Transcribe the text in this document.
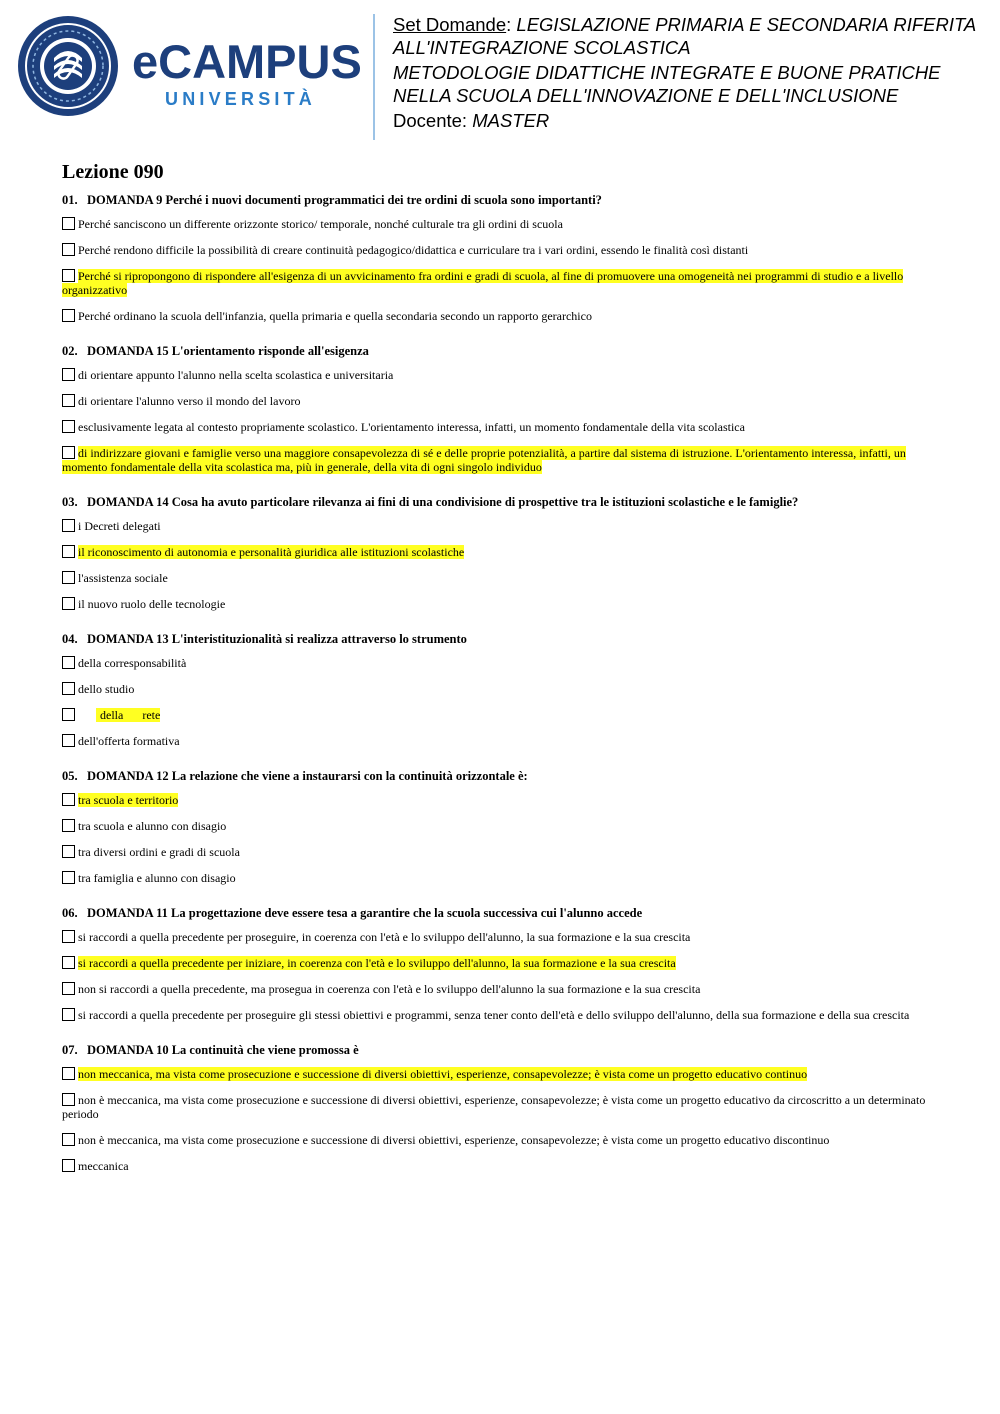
eCAMPUS
UNIVERSITÀ
Set Domande: LEGISLAZIONE PRIMARIA E SECONDARIA RIFERITA ALL'INTEGRAZIONE SCOLASTICA
METODOLOGIE DIDATTICHE INTEGRATE E BUONE PRATICHE NELLA SCUOLA DELL'INNOVAZIONE E DELL'INCLUSIONE
Docente: MASTER
Lezione 090
01. DOMANDA 9 Perché i nuovi documenti programmatici dei tre ordini di scuola sono importanti?
Perché sanciscono un differente orizzonte storico/ temporale, nonché culturale tra gli ordini di scuola
Perché rendono difficile la possibilità di creare continuità pedagogico/didattica e curriculare tra i vari ordini, essendo le finalità così distanti
Perché si ripropongono di rispondere all'esigenza di un avvicinamento fra ordini e gradi di scuola, al fine di promuovere una omogeneità nei programmi di studio e a livello organizzativo
Perché ordinano la scuola dell'infanzia, quella primaria e quella secondaria secondo un rapporto gerarchico
02. DOMANDA 15 L'orientamento risponde all'esigenza
di orientare appunto l'alunno nella scelta scolastica e universitaria
di orientare l'alunno verso il mondo del lavoro
esclusivamente legata al contesto propriamente scolastico. L'orientamento interessa, infatti, un momento fondamentale della vita scolastica
di indirizzare giovani e famiglie verso una maggiore consapevolezza di sé e delle proprie potenzialità, a partire dal sistema di istruzione. L'orientamento interessa, infatti, un momento fondamentale della vita scolastica ma, più in generale, della vita di ogni singolo individuo
03. DOMANDA 14 Cosa ha avuto particolare rilevanza ai fini di una condivisione di prospettive tra le istituzioni scolastiche e le famiglie?
i Decreti delegati
il riconoscimento di autonomia e personalità giuridica alle istituzioni scolastiche
l'assistenza sociale
il nuovo ruolo delle tecnologie
04. DOMANDA 13 L'interistituzionalità si realizza attraverso lo strumento
della corresponsabilità
dello studio
della rete
dell'offerta formativa
05. DOMANDA 12 La relazione che viene a instaurarsi con la continuità orizzontale è:
tra scuola e territorio
tra scuola e alunno con disagio
tra diversi ordini e gradi di scuola
tra famiglia e alunno con disagio
06. DOMANDA 11 La progettazione deve essere tesa a garantire che la scuola successiva cui l'alunno accede
si raccordi a quella precedente per proseguire, in coerenza con l'età e lo sviluppo dell'alunno, la sua formazione e la sua crescita
si raccordi a quella precedente per iniziare, in coerenza con l'età e lo sviluppo dell'alunno, la sua formazione e la sua crescita
non si raccordi a quella precedente, ma prosegua in coerenza con l'età e lo sviluppo dell'alunno la sua formazione e la sua crescita
si raccordi a quella precedente per proseguire gli stessi obiettivi e programmi, senza tener conto dell'età e dello sviluppo dell'alunno, della sua formazione e della sua crescita
07. DOMANDA 10 La continuità che viene promossa è
non meccanica, ma vista come prosecuzione e successione di diversi obiettivi, esperienze, consapevolezze; è vista come un progetto educativo continuo
non è meccanica, ma vista come prosecuzione e successione di diversi obiettivi, esperienze, consapevolezze; è vista come un progetto educativo da circoscritto a un determinato periodo
non è meccanica, ma vista come prosecuzione e successione di diversi obiettivi, esperienze, consapevolezze; è vista come un progetto educativo discontinuo
meccanica
